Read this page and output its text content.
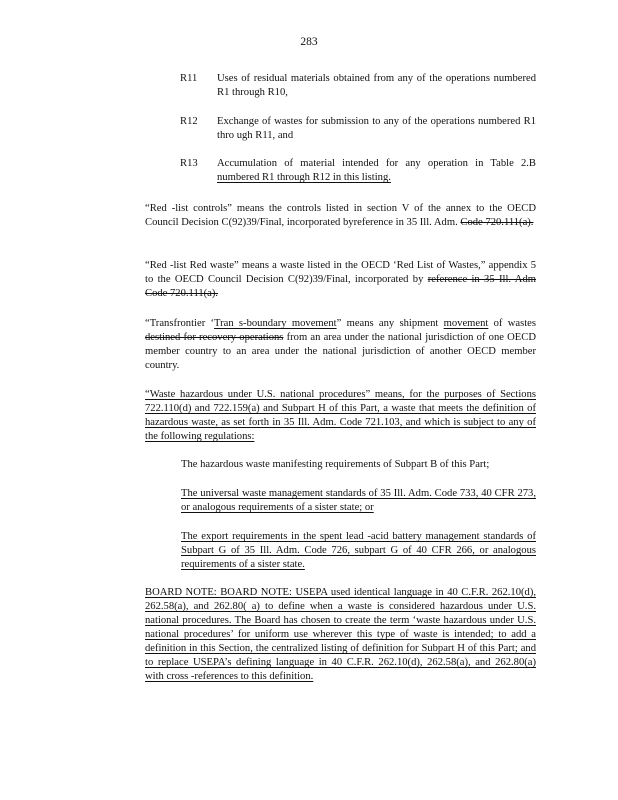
283
R11	Uses of residual materials obtained from any of the operations numbered R1 through R10,
R12	Exchange of wastes for submission to any of the operations numbered R1 thro ugh R11, and
R13	Accumulation of material intended for any operation in Table 2.B numbered R1 through R12 in this listing.
“Red -list controls” means the controls listed in section V of the annex to the OECD Council Decision C(92)39/Final, incorporated byreference in 35 Ill. Adm. Code 720.111(a).
“Red -list Red waste” means a waste listed in the OECD ‘Red List of Wastes,” appendix 5 to the OECD Council Decision C(92)39/Final, incorporated by reference in 35 Ill. Adm Code 720.111(a).
“Transfrontier ‘Tran s-boundary movement” means any shipment movement of wastes destined for recovery operations from an area under the national jurisdiction of one OECD member country to an area under the national jurisdiction of another OECD member country.
“Waste hazardous under U.S. national procedures” means, for the purposes of Sections 722.110(d) and 722.159(a) and Subpart H of this Part, a waste that meets the definition of hazardous waste, as set forth in 35 Ill. Adm. Code 721.103, and which is subject to any of the following regulations:
The hazardous waste manifesting requirements of Subpart B of this Part;
The universal waste management standards of 35 Ill. Adm. Code 733, 40 CFR 273, or analogous requirements of a sister state; or
The export requirements in the spent lead -acid battery management standards of Subpart G of 35 Ill. Adm. Code 726, subpart G of 40 CFR 266, or analogous requirements of a sister state.
BOARD NOTE: BOARD NOTE: USEPA used identical language in 40 C.F.R. 262.10(d), 262.58(a), and 262.80( a) to define when a waste is considered hazardous under U.S. national procedures. The Board has chosen to create the term ‘waste hazardous under U.S. national procedures’ for uniform use wherever this type of waste is intended; to add a definition in this Section, the centralized listing of definition for Subpart H of this Part; and to replace USEPA’s defining language in 40 C.F.R. 262.10(d), 262.58(a), and 262.80(a) with cross -references to this definition.
